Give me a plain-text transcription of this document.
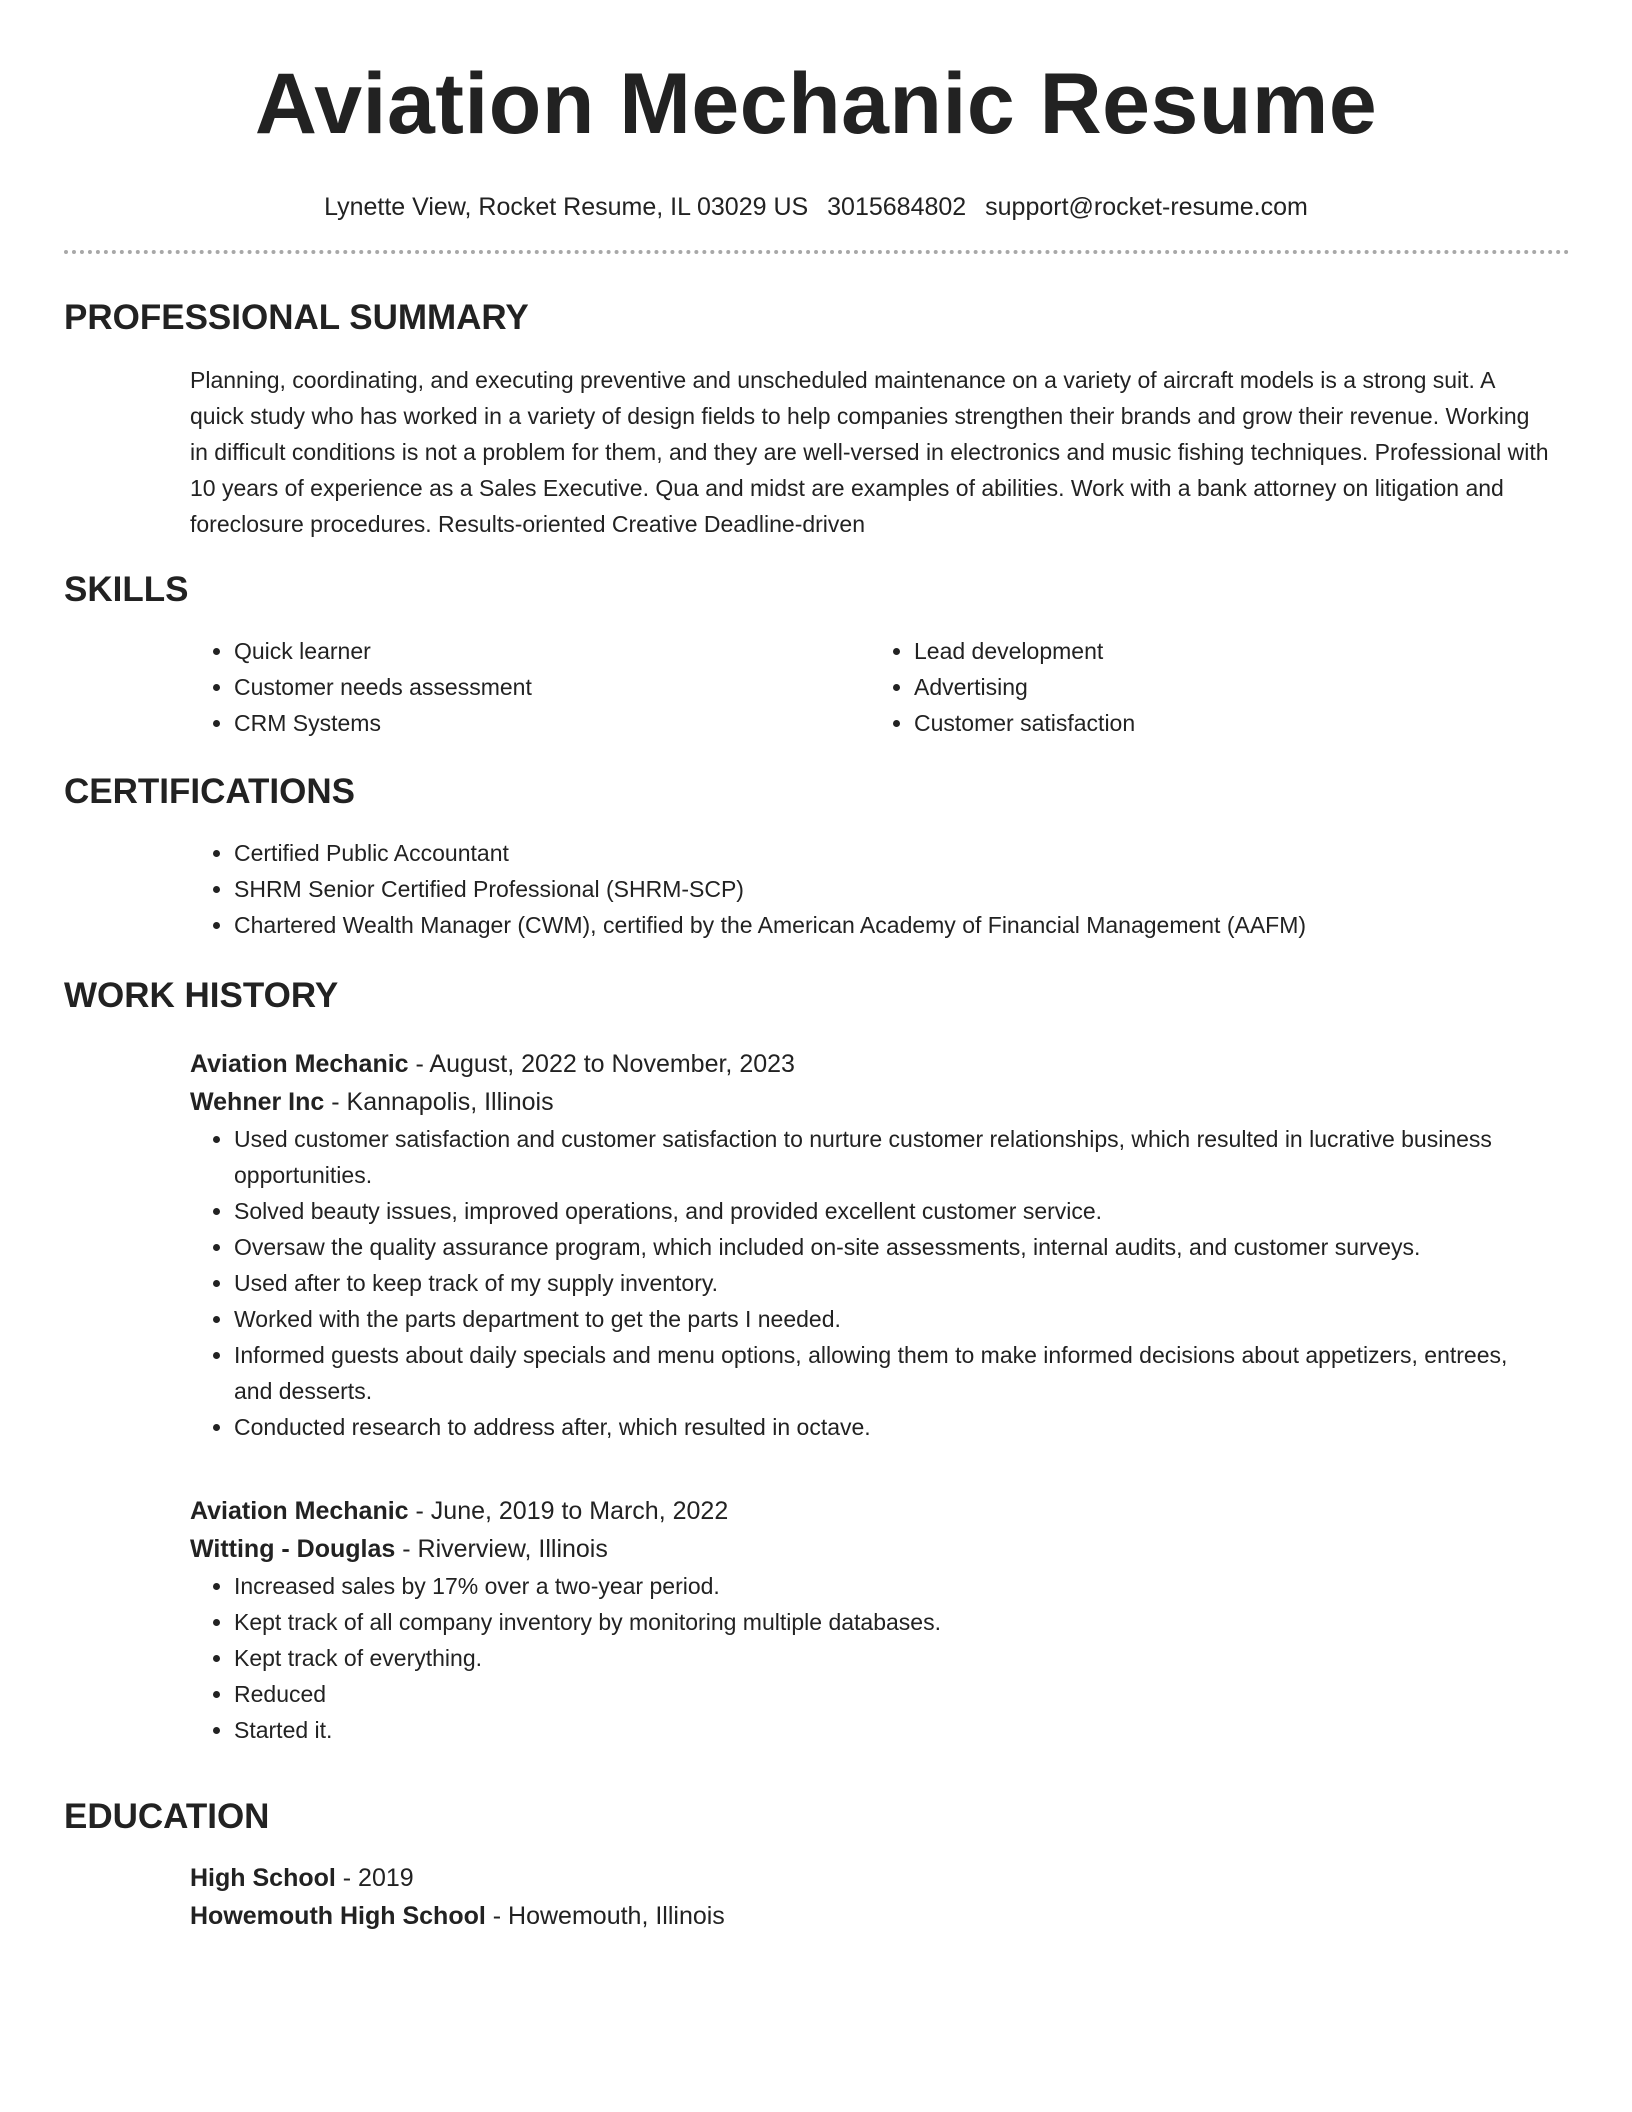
Aviation Mechanic Resume
Lynette View, Rocket Resume, IL 03029 US 3015684802 support@rocket-resume.com
PROFESSIONAL SUMMARY

Planning, coordinating, and executing preventive and unscheduled maintenance on a variety of aircraft models is a strong suit. A quick study who has worked in a variety of design fields to help companies strengthen their brands and grow their revenue. Working in difficult conditions is not a problem for them, and they are well-versed in electronics and music fishing techniques. Professional with 10 years of experience as a Sales Executive. Qua and midst are examples of abilities. Work with a bank attorney on litigation and foreclosure procedures. Results-oriented Creative Deadline-driven

SKILLS
• Quick learner
• Customer needs assessment
• CRM Systems
• Lead development
• Advertising
• Customer satisfaction
CERTIFICATIONS
• Certified Public Accountant
• SHRM Senior Certified Professional (SHRM-SCP)
• Chartered Wealth Manager (CWM), certified by the American Academy of Financial Management (AAFM)
WORK HISTORY
Aviation Mechanic - August, 2022 to November, 2023
Wehner Inc - Kannapolis, Illinois
• Used customer satisfaction and customer satisfaction to nurture customer relationships, which resulted in lucrative business opportunities.
• Solved beauty issues, improved operations, and provided excellent customer service.
• Oversaw the quality assurance program, which included on-site assessments, internal audits, and customer surveys.
• Used after to keep track of my supply inventory.
• Worked with the parts department to get the parts I needed.
• Informed guests about daily specials and menu options, allowing them to make informed decisions about appetizers, entrees, and desserts.
• Conducted research to address after, which resulted in octave.
Aviation Mechanic - June, 2019 to March, 2022
Witting - Douglas - Riverview, Illinois
• Increased sales by 17% over a two-year period.
• Kept track of all company inventory by monitoring multiple databases.
• Kept track of everything.
• Reduced
• Started it.
EDUCATION
High School - 2019
Howemouth High School - Howemouth, Illinois
